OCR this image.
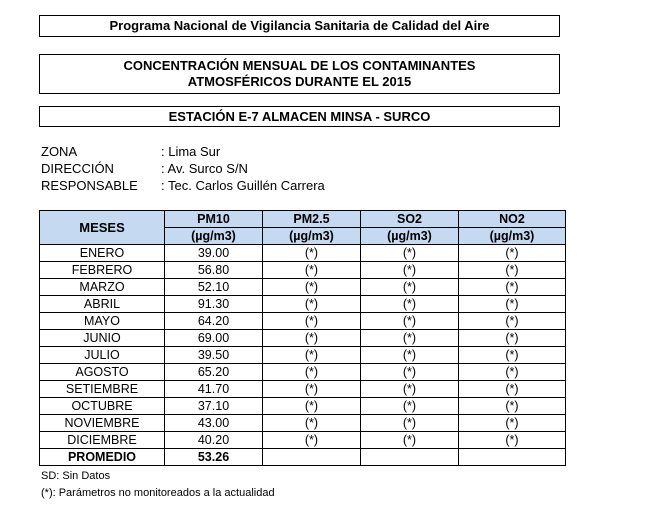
Programa Nacional de Vigilancia Sanitaria de Calidad del Aire
CONCENTRACIÓN MENSUAL DE LOS CONTAMINANTES
ATMOSFÉRICOS DURANTE EL 2015
ESTACIÓN E-7 ALMACEN MINSA - SURCO
ZONA	: Lima Sur
DIRECCIÓN	: Av. Surco S/N
RESPONSABLE : Tec. Carlos Guillén Carrera
MESES	PM10	PM2.5	SO2	NO2
	(µg/m3)	(µg/m3)	(µg/m3)	(µg/m3)
ENERO	39.00	(*)	(*)	(*)
FEBRERO	56.80	(*)	(*)	(*)
MARZO	52.10	(*)	(*)	(*)
ABRIL	91.30	(*)	(*)	(*)
MAYO	64.20	(*)	(*)	(*)
JUNIO	69.00	(*)	(*)	(*)
JULIO	39.50	(*)	(*)	(*)
AGOSTO	65.20	(*)	(*)	(*)
SETIEMBRE	41.70	(*)	(*)	(*)
OCTUBRE	37.10	(*)	(*)	(*)
NOVIEMBRE	43.00	(*)	(*)	(*)
DICIEMBRE	40.20	(*)	(*)	(*)
PROMEDIO	53.26			
SD: Sin Datos
(*): Parámetros no monitoreados a la actualidad
